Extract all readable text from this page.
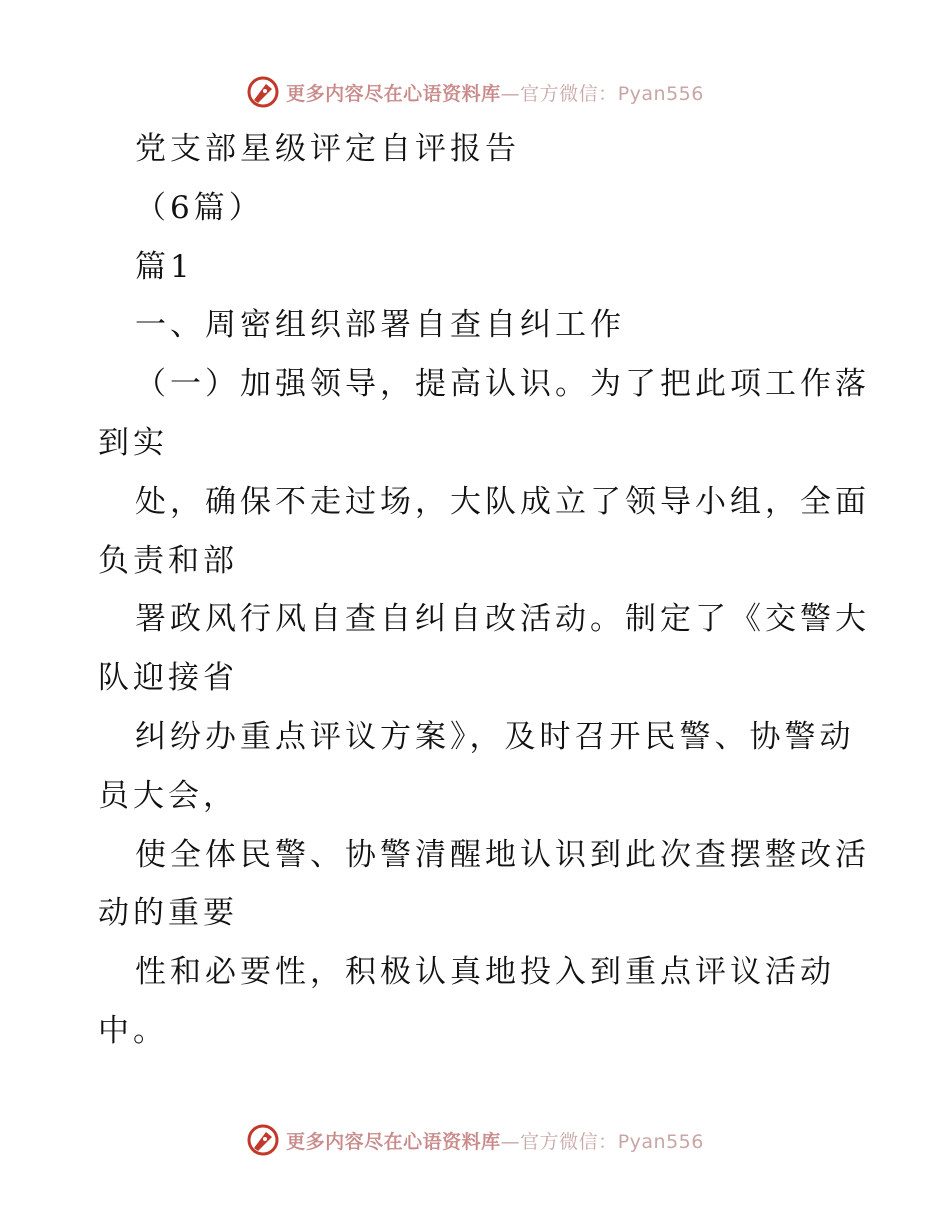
更多内容尽在心语资料库—官方微信：Pyan556
党支部星级评定自评报告
（6篇）
篇1
一、周密组织部署自查自纠工作
（一）加强领导，提高认识。为了把此项工作落
到实
处，确保不走过场，大队成立了领导小组，全面
负责和部
署政风行风自查自纠自改活动。制定了《交警大
队迎接省
纠纷办重点评议方案》，及时召开民警、协警动
员大会，
使全体民警、协警清醒地认识到此次查摆整改活
动的重要
性和必要性，积极认真地投入到重点评议活动
中。
更多内容尽在心语资料库—官方微信：Pyan556
